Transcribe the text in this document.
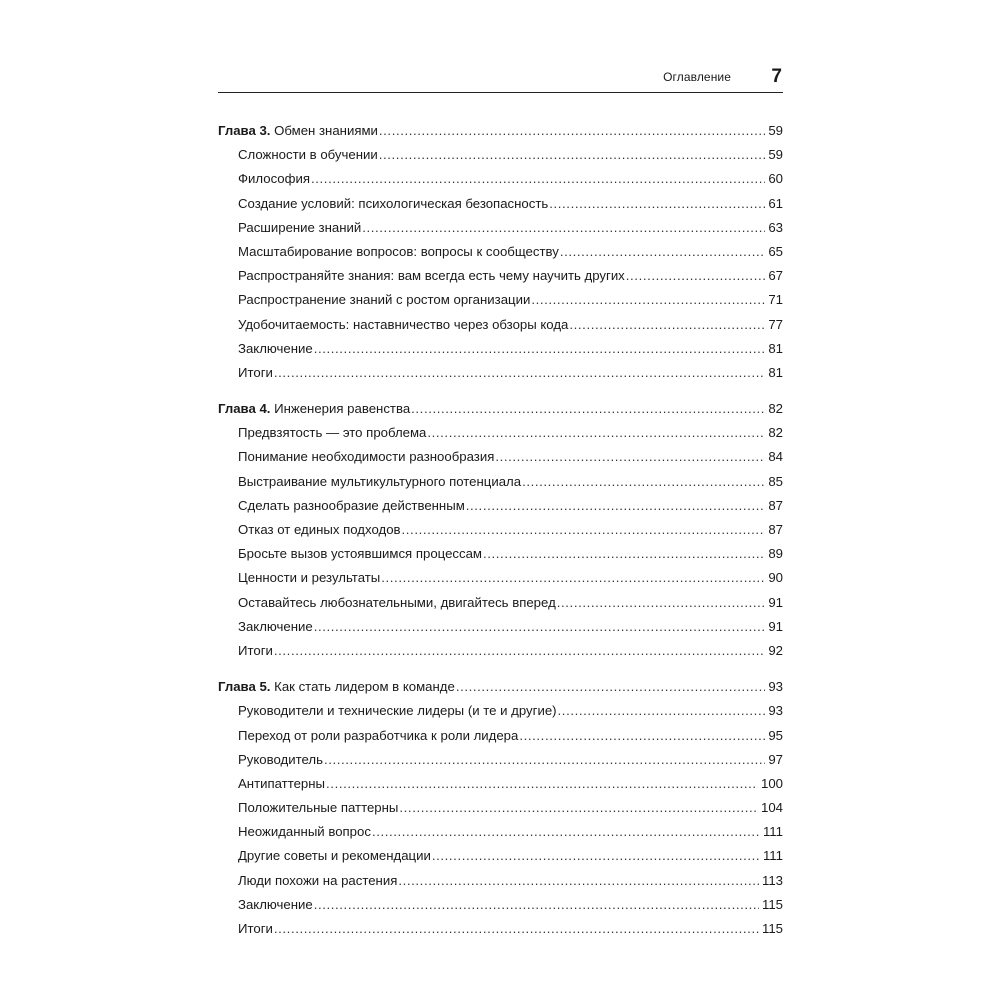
Оглавление 7
Глава 3. Обмен знаниями .....	59
Сложности в обучении .....	59
Философия .....	60
Создание условий: психологическая безопасность .....	61
Расширение знаний .....	63
Масштабирование вопросов: вопросы к сообществу .....	65
Распространяйте знания: вам всегда есть чему научить других .....	67
Распространение знаний с ростом организации .....	71
Удобочитаемость: наставничество через обзоры кода .....	77
Заключение .....	81
Итоги .....	81
Глава 4. Инженерия равенства .....	82
Предвзятость — это проблема .....	82
Понимание необходимости разнообразия .....	84
Выстраивание мультикультурного потенциала .....	85
Сделать разнообразие действенным .....	87
Отказ от единых подходов .....	87
Бросьте вызов устоявшимся процессам .....	89
Ценности и результаты .....	90
Оставайтесь любознательными, двигайтесь вперед .....	91
Заключение .....	91
Итоги .....	92
Глава 5. Как стать лидером в команде .....	93
Руководители и технические лидеры (и те и другие) .....	93
Переход от роли разработчика к роли лидера .....	95
Руководитель .....	97
Антипаттерны .....	100
Положительные паттерны .....	104
Неожиданный вопрос .....	111
Другие советы и рекомендации .....	111
Люди похожи на растения .....	113
Заключение .....	115
Итоги .....	115
